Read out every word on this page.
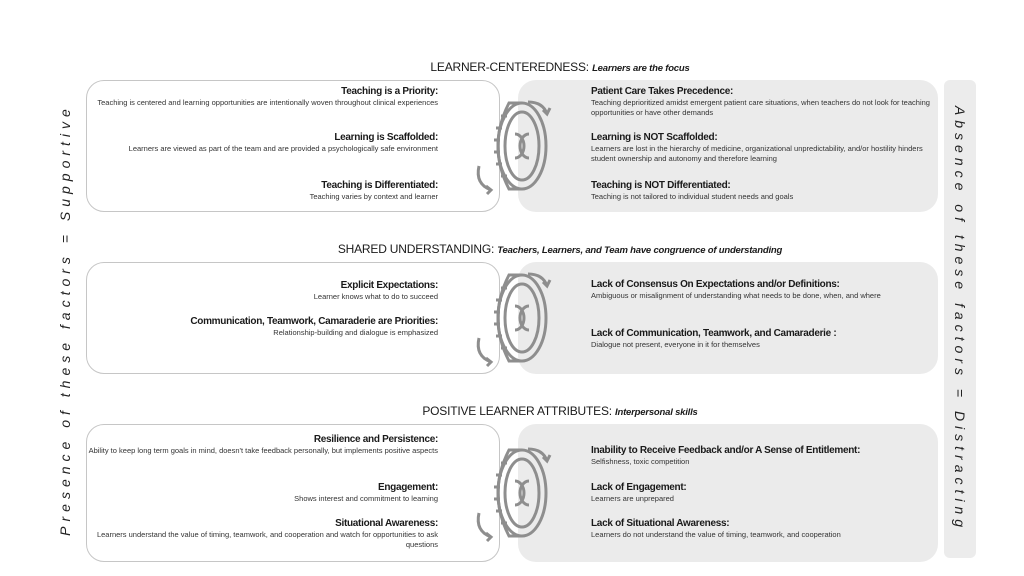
Presence of these factors = Supportive	Absence of these factors = Distracting
LEARNER-CENTEREDNESS: Learners are the focus
Teaching is a Priority:
Teaching is centered and learning opportunities are intentionally woven throughout clinical experiences
Learning is Scaffolded:
Learners are viewed as part of the team and are provided a psychologically safe environment
Teaching is Differentiated:
Teaching varies by context and learner
Patient Care Takes Precedence:
Teaching deprioritized amidst emergent patient care situations, when teachers do not look for teaching opportunities or have other demands
Learning is NOT Scaffolded:
Learners are lost in the hierarchy of medicine, organizational unpredictability, and/or hostility hinders student ownership and autonomy and therefore learning
Teaching is NOT Differentiated:
Teaching is not tailored to individual student needs and goals
SHARED UNDERSTANDING: Teachers, Learners, and Team have congruence of understanding
Explicit Expectations:
Learner knows what to do to succeed
Communication, Teamwork, Camaraderie are Priorities:
Relationship-building and dialogue is emphasized
Lack of Consensus On Expectations and/or Definitions:
Ambiguous or misalignment of understanding what needs to be done, when, and where
Lack of Communication, Teamwork, and Camaraderie :
Dialogue not present, everyone in it for themselves
POSITIVE LEARNER ATTRIBUTES: Interpersonal skills
Resilience and Persistence:
Ability to keep long term goals in mind, doesn't take feedback personally, but implements positive aspects
Engagement:
Shows interest and commitment to learning
Situational Awareness:
Learners understand the value of timing, teamwork, and cooperation and watch for opportunities to ask questions
Inability to Receive Feedback and/or A Sense of Entitlement:
Selfishness, toxic competition
Lack of Engagement:
Learners are unprepared
Lack of Situational Awareness:
Learners do not understand the value of timing, teamwork, and cooperation
